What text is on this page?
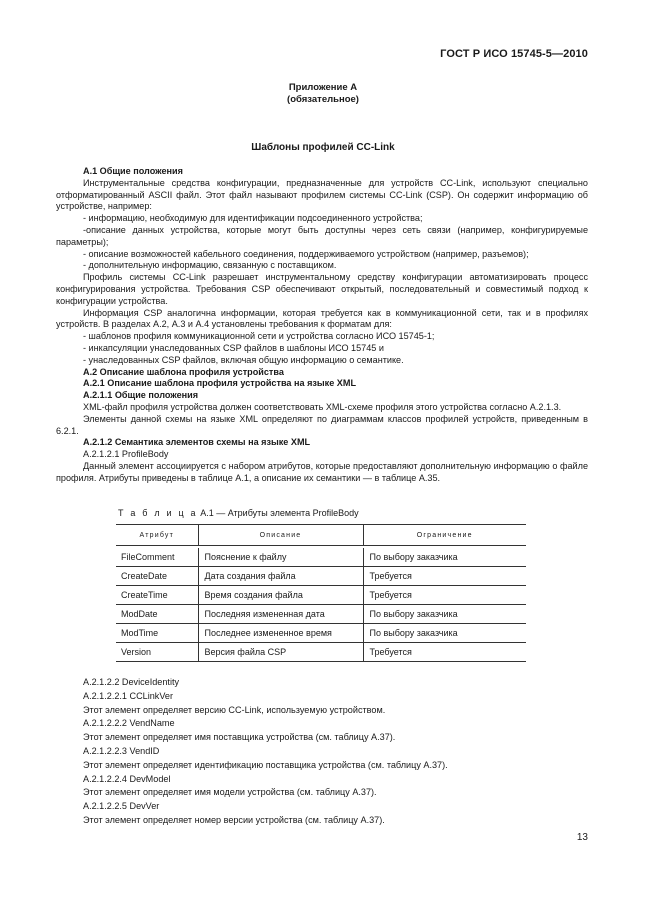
ГОСТ Р ИСО 15745-5—2010
Приложение А
(обязательное)
Шаблоны профилей CC-Link

А.1 Общие положения

Инструментальные средства конфигурации, предназначенные для устройств CC-Link, используют специально отформатированный ASCII файл. Этот файл называют профилем системы CC-Link (CSP). Он содержит информацию об устройстве, например:

- информацию, необходимую для идентификации подсоединенного устройства;

-описание данных устройства, которые могут быть доступны через сеть связи (например, конфигурируемые параметры);

- описание возможностей кабельного соединения, поддерживаемого устройством (например, разъемов);

- дополнительную информацию, связанную с поставщиком.

Профиль системы CC-Link разрешает инструментальному средству конфигурации автоматизировать процесс конфигурирования устройства. Требования CSP обеспечивают открытый, последовательный и совместимый подход к конфигурации устройства.

Информация CSP аналогична информации, которая требуется как в коммуникационной сети, так и в профилях устройств. В разделах А.2, А.3 и А.4 установлены требования к форматам для:

- шаблонов профиля коммуникационной сети и устройства согласно ИСО 15745-1;

- инкапсуляции унаследованных CSP файлов в шаблоны ИСО 15745 и

- унаследованных CSP файлов, включая общую информацию о семантике.

А.2 Описание шаблона профиля устройства

А.2.1 Описание шаблона профиля устройства на языке XML

А.2.1.1 Общие положения

XML-файл профиля устройства должен соответствовать XML-схеме профиля этого устройства согласно А.2.1.3.

Элементы данной схемы на языке XML определяют по диаграммам классов профилей устройств, приведенным в 6.2.1.

А.2.1.2 Семантика элементов схемы на языке XML

А.2.1.2.1 ProfileBody

Данный элемент ассоциируется с набором атрибутов, которые предоставляют дополнительную информацию о файле профиля. Атрибуты приведены в таблице А.1, а описание их семантики — в таблице А.35.

Т а б л и ц а А.1 — Атрибуты элемента ProfileBody
Атрибут	Описание	Ограничение

FileComment	Пояснение к файлу	По выбору заказчика
CreateDate	Дата создания файла	Требуется
CreateTime	Время создания файла	Требуется
ModDate	Последняя измененная дата	По выбору заказчика
ModTime	Последнее измененное время	По выбору заказчика
Version	Версия файла CSP	Требуется

А.2.1.2.2 DeviceIdentity

А.2.1.2.2.1 CCLinkVer

Этот элемент определяет версию CC-Link, используемую устройством.

А.2.1.2.2.2 VendName

Этот элемент определяет имя поставщика устройства (см. таблицу А.37).

А.2.1.2.2.3 VendID

Этот элемент определяет идентификацию поставщика устройства (см. таблицу А.37).

А.2.1.2.2.4 DevModel

Этот элемент определяет имя модели устройства (см. таблицу А.37).

А.2.1.2.2.5 DevVer

Этот элемент определяет номер версии устройства (см. таблицу А.37).

13
